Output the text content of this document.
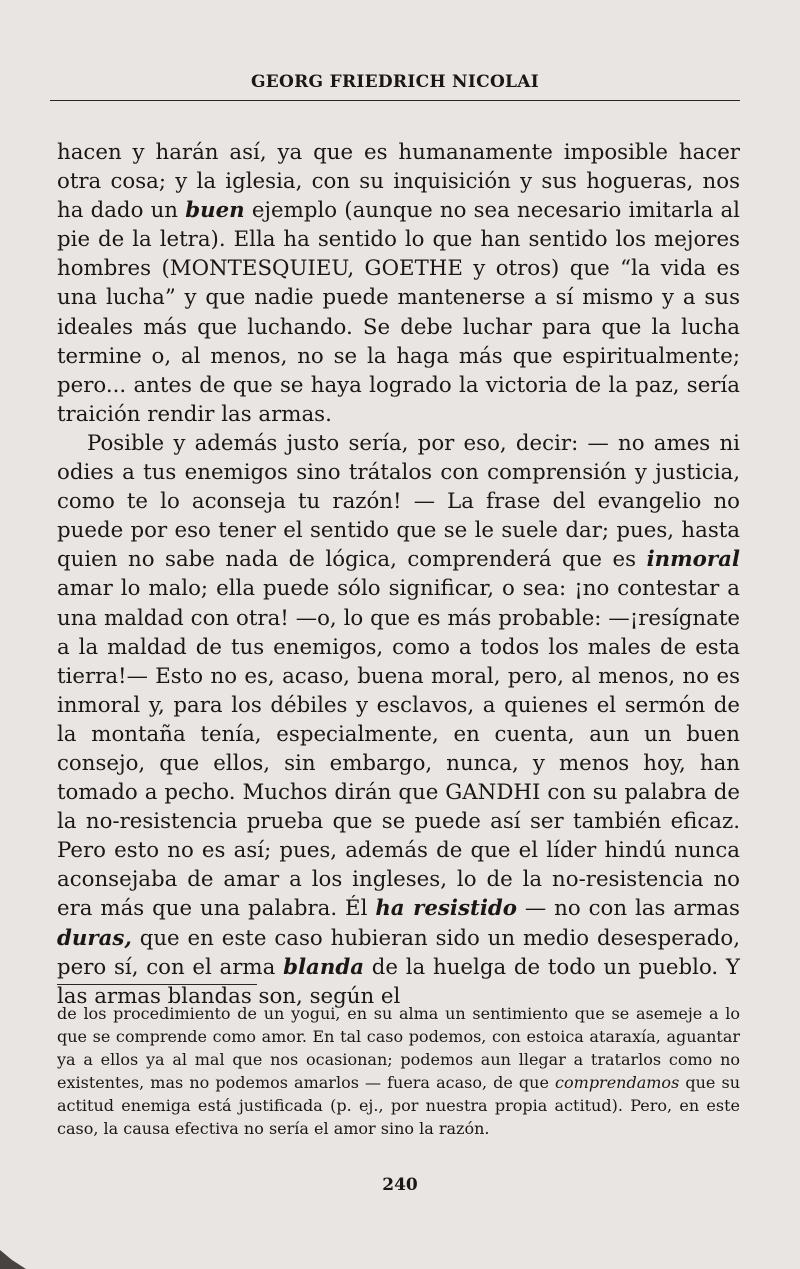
GEORG FRIEDRICH NICOLAI

hacen y harán así, ya que es humanamente imposible hacer otra cosa; y la iglesia, con su inquisición y sus hogueras, nos ha dado un buen ejemplo (aunque no sea necesario imitarla al pie de la letra). Ella ha sentido lo que han sentido los mejores hombres (MONTESQUIEU, GOETHE y otros) que “la vida es una lucha” y que nadie puede mantenerse a sí mismo y a sus ideales más que luchando. Se debe luchar para que la lucha termine o, al menos, no se la haga más que espiritualmente; pero... antes de que se haya logrado la victoria de la paz, sería traición rendir las armas.

Posible y además justo sería, por eso, decir: — no ames ni odies a tus enemigos sino trátalos con comprensión y justicia, como te lo aconseja tu razón! — La frase del evangelio no puede por eso tener el sentido que se le suele dar; pues, hasta quien no sabe nada de lógica, comprenderá que es inmoral amar lo malo; ella puede sólo significar, o sea: ¡no contestar a una maldad con otra! —o, lo que es más probable: —¡resígnate a la maldad de tus enemigos, como a todos los males de esta tierra!— Esto no es, acaso, buena moral, pero, al menos, no es inmoral y, para los débiles y esclavos, a quienes el sermón de la montaña tenía, especialmente, en cuenta, aun un buen consejo, que ellos, sin embargo, nunca, y menos hoy, han tomado a pecho. Muchos dirán que GANDHI con su palabra de la no-resistencia prueba que se puede así ser también eficaz. Pero esto no es así; pues, además de que el líder hindú nunca aconsejaba de amar a los ingleses, lo de la no-resistencia no era más que una palabra. Él ha resistido — no con las armas duras, que en este caso hubieran sido un medio desesperado, pero sí, con el arma blanda de la huelga de todo un pueblo. Y las armas blandas son, según el

de los procedimiento de un yogui, en su alma un sentimiento que se asemeje a lo que se comprende como amor. En tal caso podemos, con estoica ataraxía, aguantar ya a ellos ya al mal que nos ocasionan; podemos aun llegar a tratarlos como no existentes, mas no podemos amarlos — fuera acaso, de que comprendamos que su actitud enemiga está justificada (p. ej., por nuestra propia actitud). Pero, en este caso, la causa efectiva no sería el amor sino la razón.
240
